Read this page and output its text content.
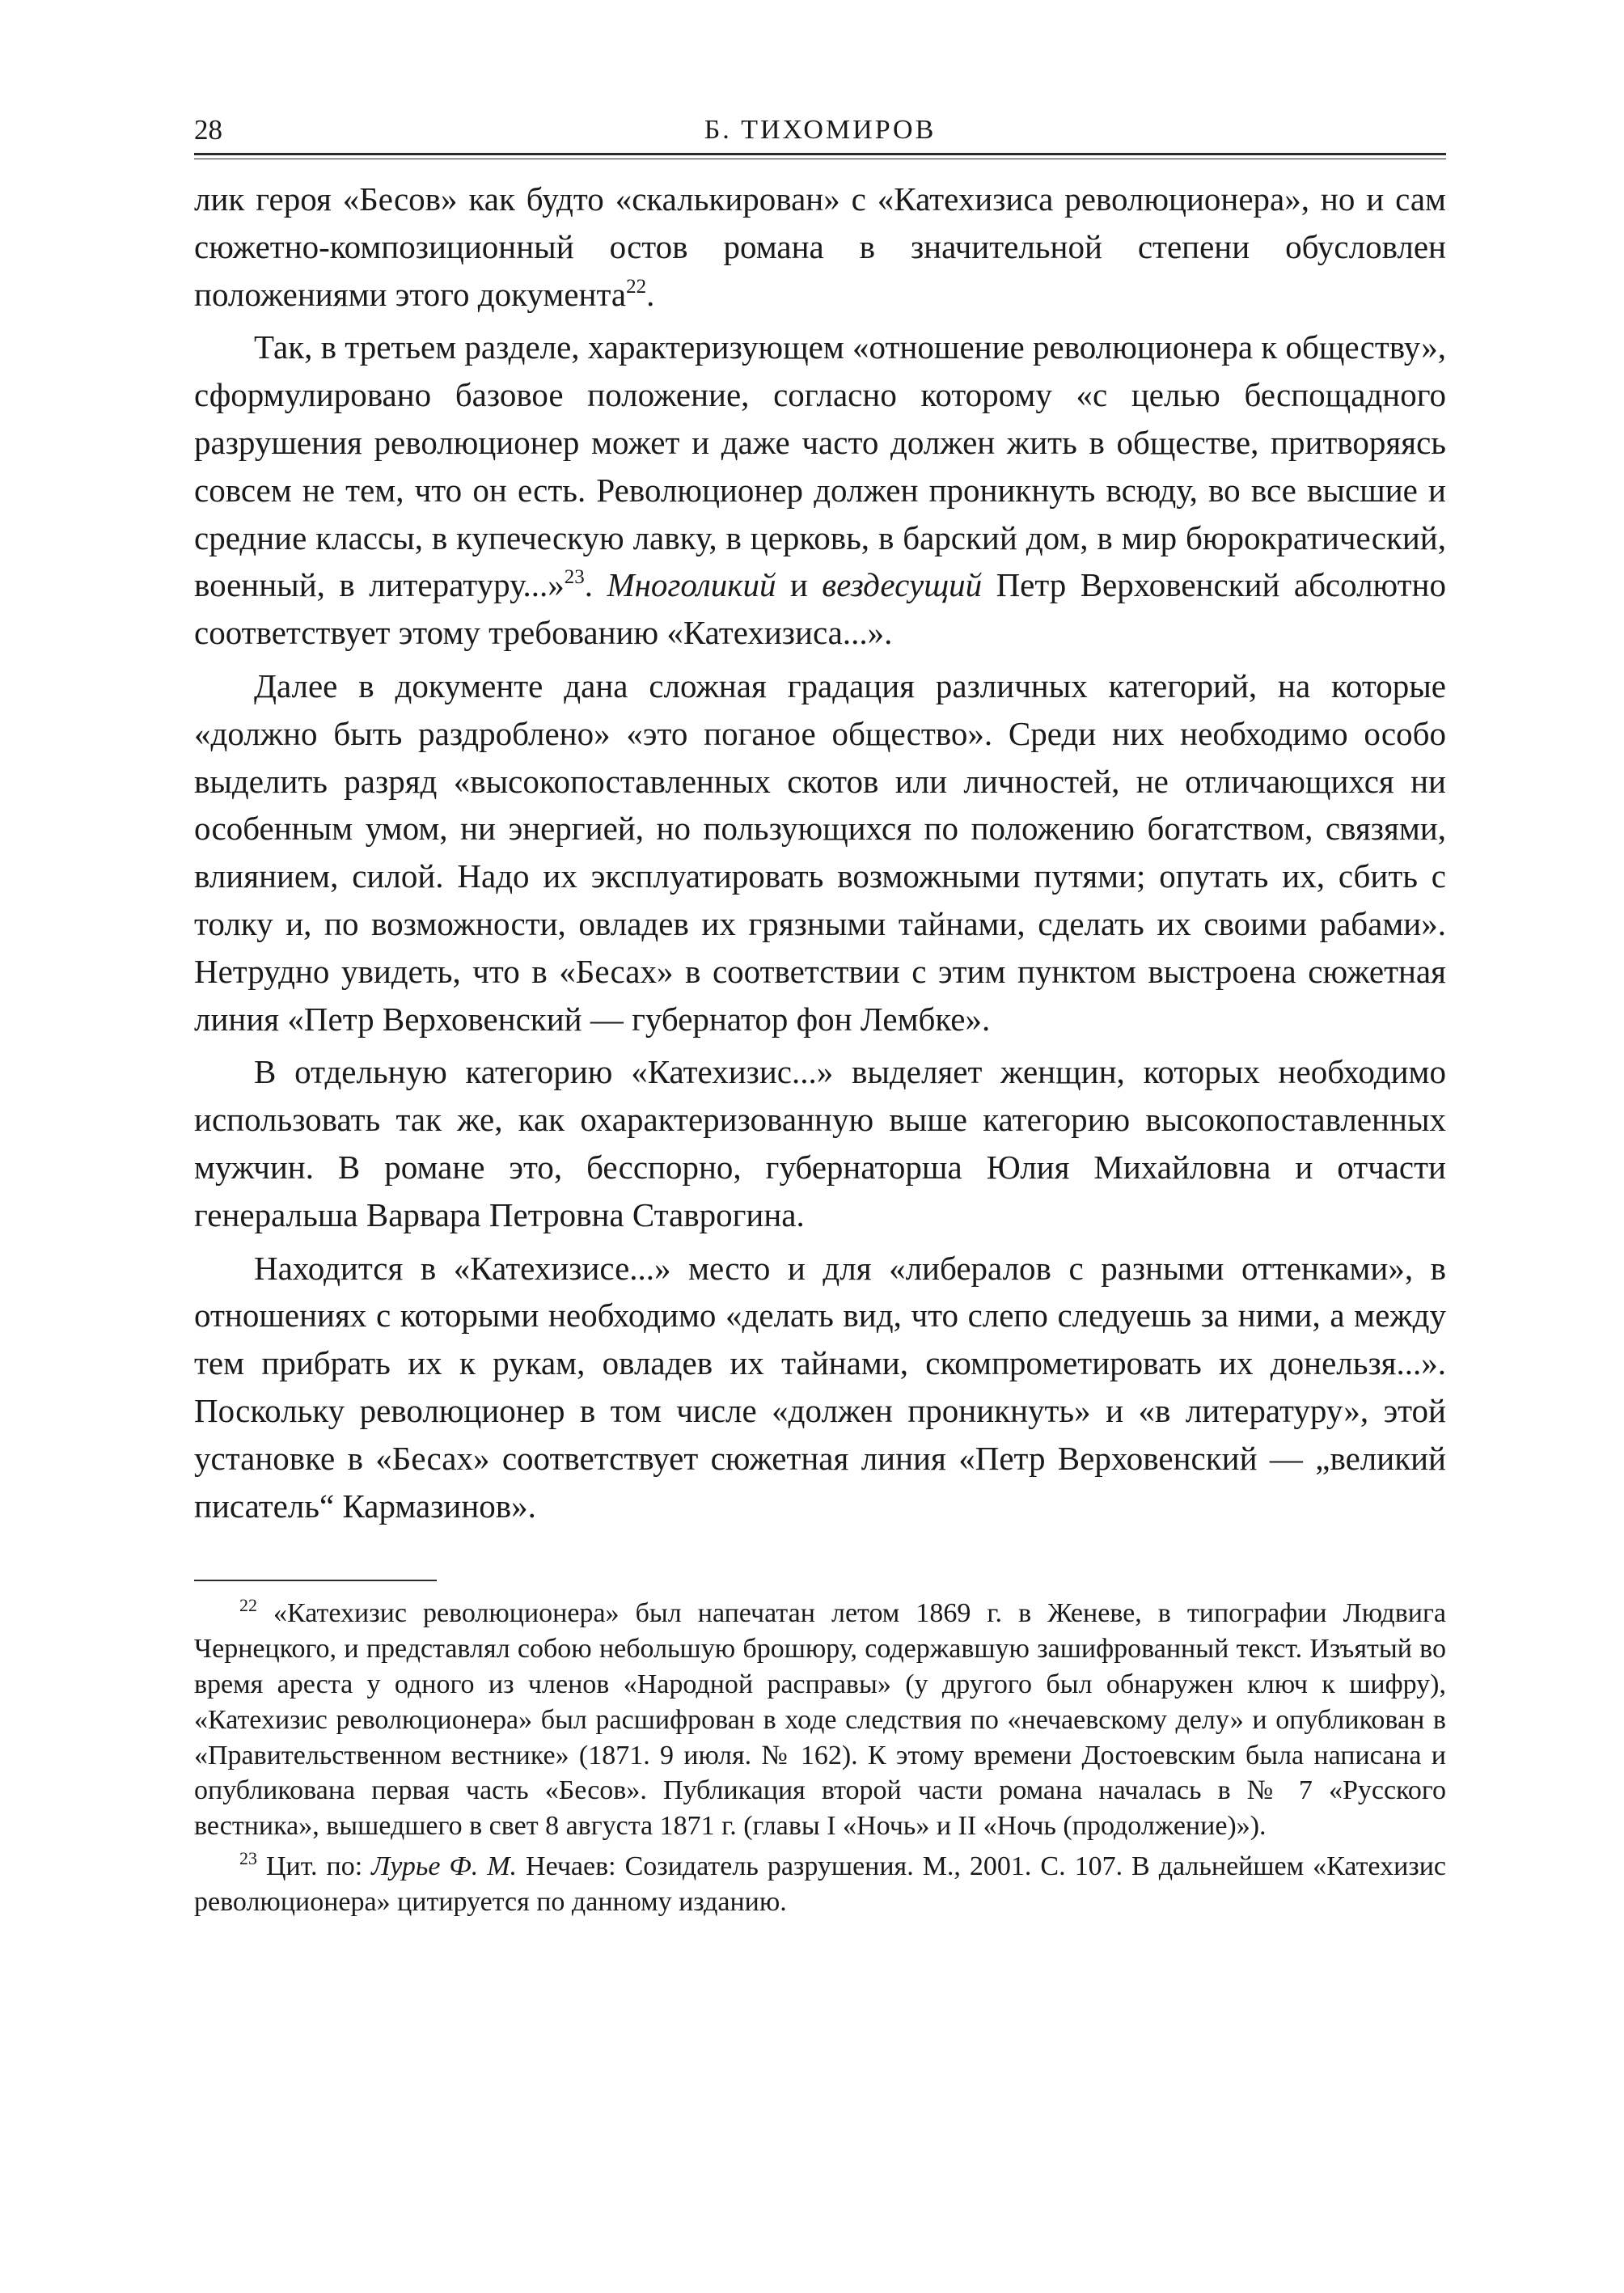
28	Б. ТИХОМИРОВ

лик героя «Бесов» как будто «скалькирован» с «Катехизиса революционера», но и сам сюжетно-композиционный остов романа в значительной степени обусловлен положениями этого документа$^{22}$.

Так, в третьем разделе, характеризующем «отношение революционера к обществу», сформулировано базовое положение, согласно которому «с целью беспощадного разрушения революционер может и даже часто должен жить в обществе, притворяясь совсем не тем, что он есть. Революционер должен проникнуть всюду, во все высшие и средние классы, в купеческую лавку, в церковь, в барский дом, в мир бюрократический, военный, в литературу...»$^{23}$. Многоликий и вездесущий Петр Верховенский абсолютно соответствует этому требованию «Катехизиса...».

Далее в документе дана сложная градация различных категорий, на которые «должно быть раздроблено» «это поганое общество». Среди них необходимо особо выделить разряд «высокопоставленных скотов или личностей, не отличающихся ни особенным умом, ни энергией, но пользующихся по положению богатством, связями, влиянием, силой. Надо их эксплуатировать возможными путями; опутать их, сбить с толку и, по возможности, овладев их грязными тайнами, сделать их своими рабами». Нетрудно увидеть, что в «Бесах» в соответствии с этим пунктом выстроена сюжетная линия «Петр Верховенский — губернатор фон Лембке».

В отдельную категорию «Катехизис...» выделяет женщин, которых необходимо использовать так же, как охарактеризованную выше категорию высокопоставленных мужчин. В романе это, бесспорно, губернаторша Юлия Михайловна и отчасти генеральша Варвара Петровна Ставрогина.

Находится в «Катехизисе...» место и для «либералов с разными оттенками», в отношениях с которыми необходимо «делать вид, что слепо следуешь за ними, а между тем прибрать их к рукам, овладев их тайнами, скомпрометировать их донельзя...». Поскольку революционер в том числе «должен проникнуть» и «в литературу», этой установке в «Бесах» соответствует сюжетная линия «Петр Верховенский — „великий писатель“ Кармазинов».

$^{22}$ «Катехизис революционера» был напечатан летом 1869 г. в Женеве, в типографии Людвига Чернецкого, и представлял собою небольшую брошюру, содержавшую зашифрованный текст. Изъятый во время ареста у одного из членов «Народной расправы» (у другого был обнаружен ключ к шифру), «Катехизис революционера» был расшифрован в ходе следствия по «нечаевскому делу» и опубликован в «Правительственном вестнике» (1871. 9 июля. № 162). К этому времени Достоевским была написана и опубликована первая часть «Бесов». Публикация второй части романа началась в № 7 «Русского вестника», вышедшего в свет 8 августа 1871 г. (главы I «Ночь» и II «Ночь (продолжение)»).

$^{23}$ Цит. по: Лурье Ф. М. Нечаев: Созидатель разрушения. М., 2001. С. 107. В дальнейшем «Катехизис революционера» цитируется по данному изданию.
